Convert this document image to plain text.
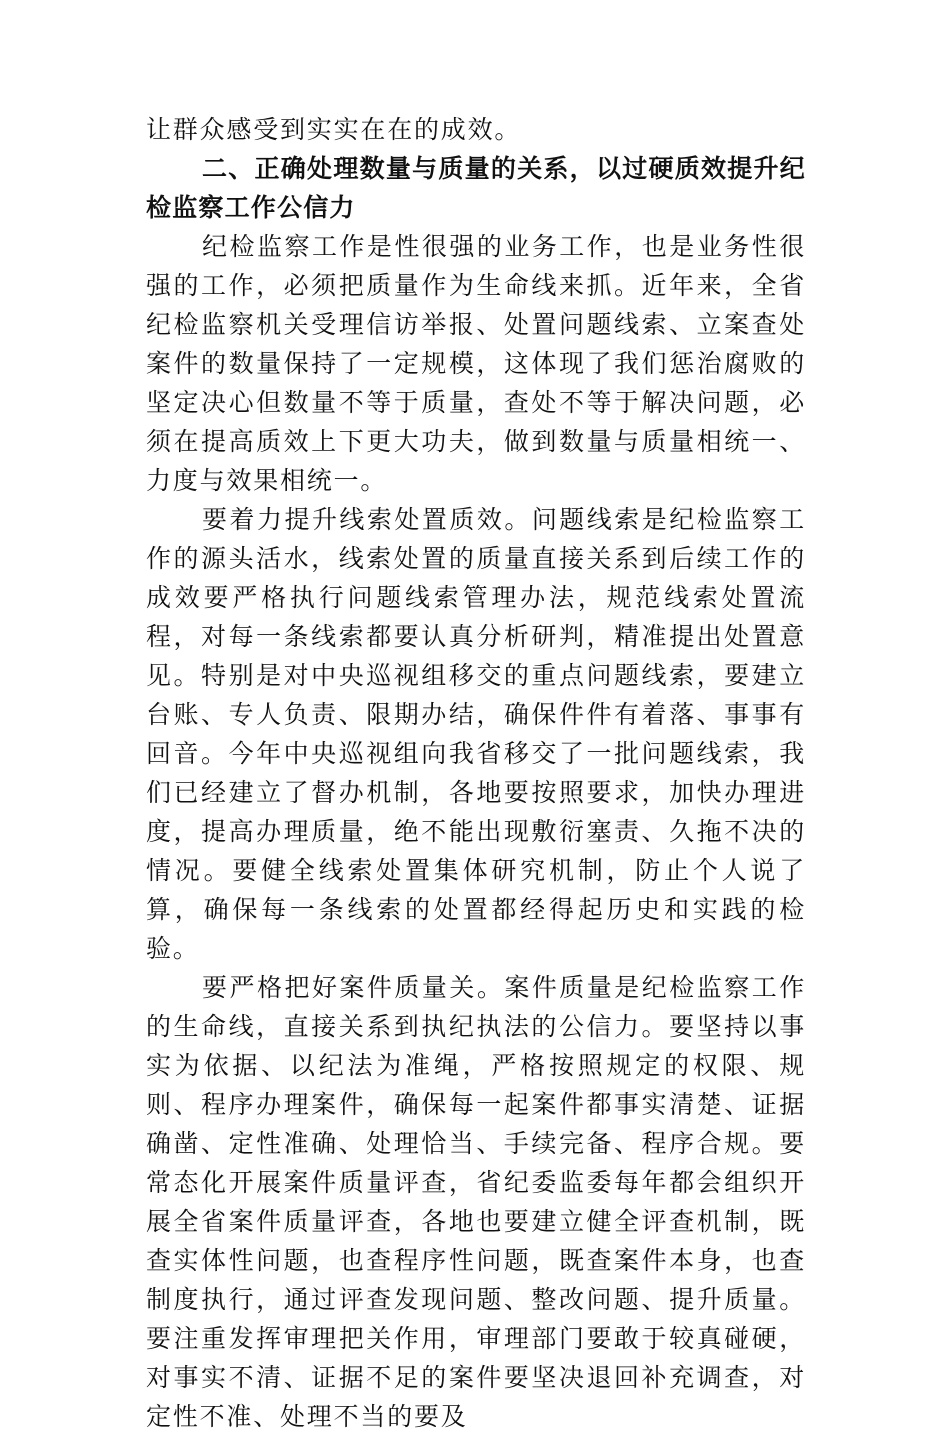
让群众感受到实实在在的成效。

二、正确处理数量与质量的关系，以过硬质效提升纪检监察工作公信力

纪检监察工作是性很强的业务工作，也是业务性很强的工作，必须把质量作为生命线来抓。近年来，全省纪检监察机关受理信访举报、处置问题线索、立案查处案件的数量保持了一定规模，这体现了我们惩治腐败的坚定决心但数量不等于质量，查处不等于解决问题，必须在提高质效上下更大功夫，做到数量与质量相统一、力度与效果相统一。

要着力提升线索处置质效。问题线索是纪检监察工作的源头活水，线索处置的质量直接关系到后续工作的成效要严格执行问题线索管理办法，规范线索处置流程，对每一条线索都要认真分析研判，精准提出处置意见。特别是对中央巡视组移交的重点问题线索，要建立台账、专人负责、限期办结，确保件件有着落、事事有回音。今年中央巡视组向我省移交了一批问题线索，我们已经建立了督办机制，各地要按照要求，加快办理进度，提高办理质量，绝不能出现敷衍塞责、久拖不决的情况。要健全线索处置集体研究机制，防止个人说了算，确保每一条线索的处置都经得起历史和实践的检验。

要严格把好案件质量关。案件质量是纪检监察工作的生命线，直接关系到执纪执法的公信力。要坚持以事实为依据、以纪法为准绳，严格按照规定的权限、规则、程序办理案件，确保每一起案件都事实清楚、证据确凿、定性准确、处理恰当、手续完备、程序合规。要常态化开展案件质量评查，省纪委监委每年都会组织开展全省案件质量评查，各地也要建立健全评查机制，既查实体性问题，也查程序性问题，既查案件本身，也查制度执行，通过评查发现问题、整改问题、提升质量。要注重发挥审理把关作用，审理部门要敢于较真碰硬，对事实不清、证据不足的案件要坚决退回补充调查，对定性不准、处理不当的要及
